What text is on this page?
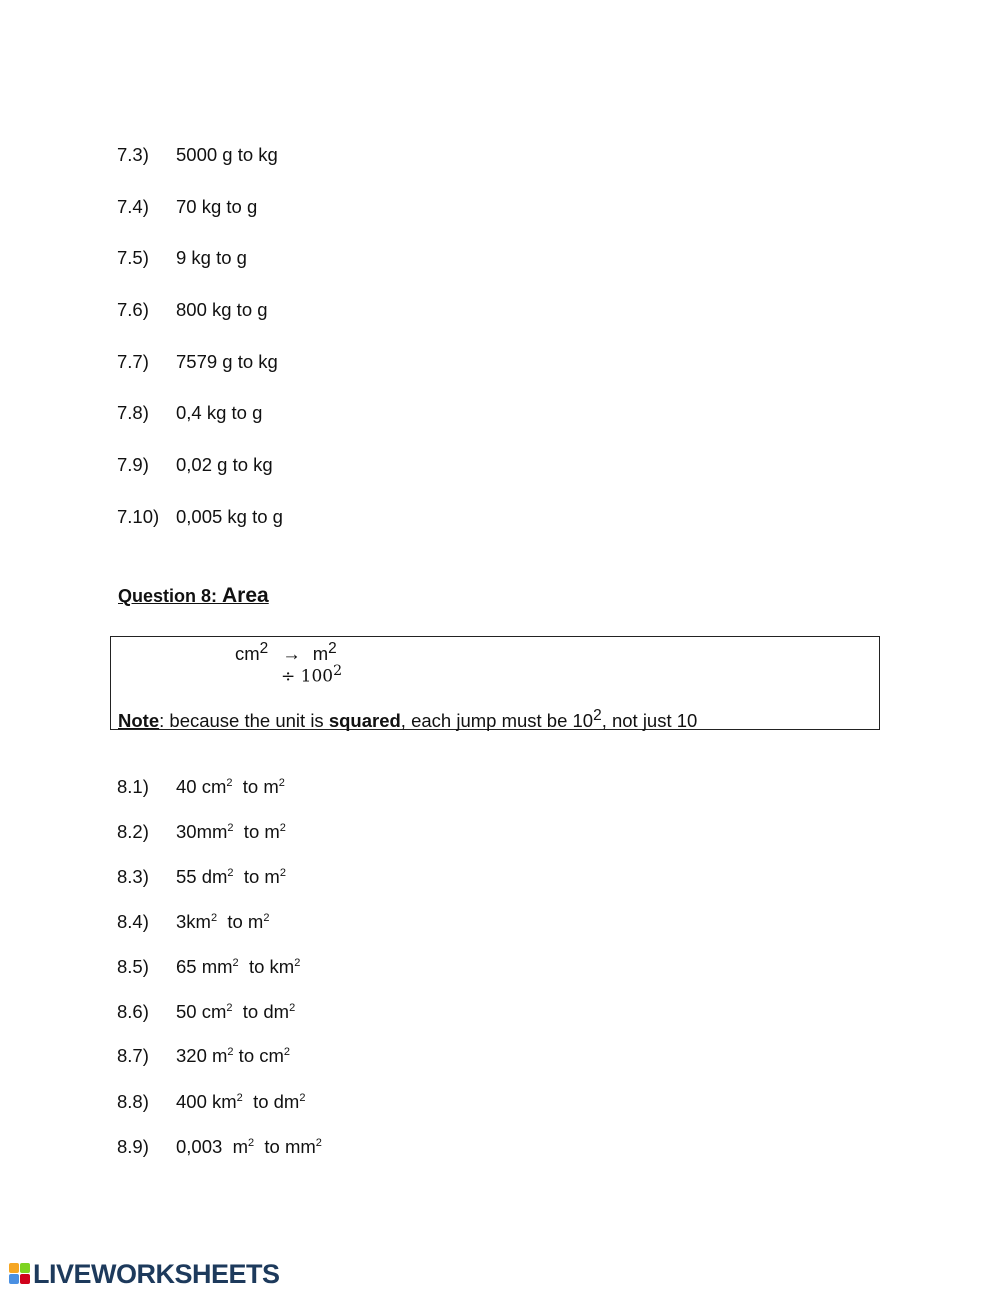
7.3) 5000 g to kg
7.4) 70 kg to g
7.5) 9 kg to g
7.6) 800 kg to g
7.7) 7579 g to kg
7.8) 0,4 kg to g
7.9) 0,02 g to kg
7.10) 0,005 kg to g
Question 8: Area
$cm^2 \to m^2$
÷ $100^2$
Note: because the unit is squared, each jump must be $10^2$, not just 10
8.1) 40 $cm^2$  to $m^2$
8.2) $30mm^2$  to $m^2$
8.3) 55 $dm^2$  to $m^2$
8.4) $3km^2$  to $m^2$
8.5) 65 $mm^2$  to $km^2$
8.6) 50 $cm^2$  to $dm^2$
8.7) 320 $m^2$ to $cm^2$
8.8) 400 $km^2$  to $dm^2$
8.9) 0,003  $m^2$  to $mm^2$
LIVEWORKSHEETS
